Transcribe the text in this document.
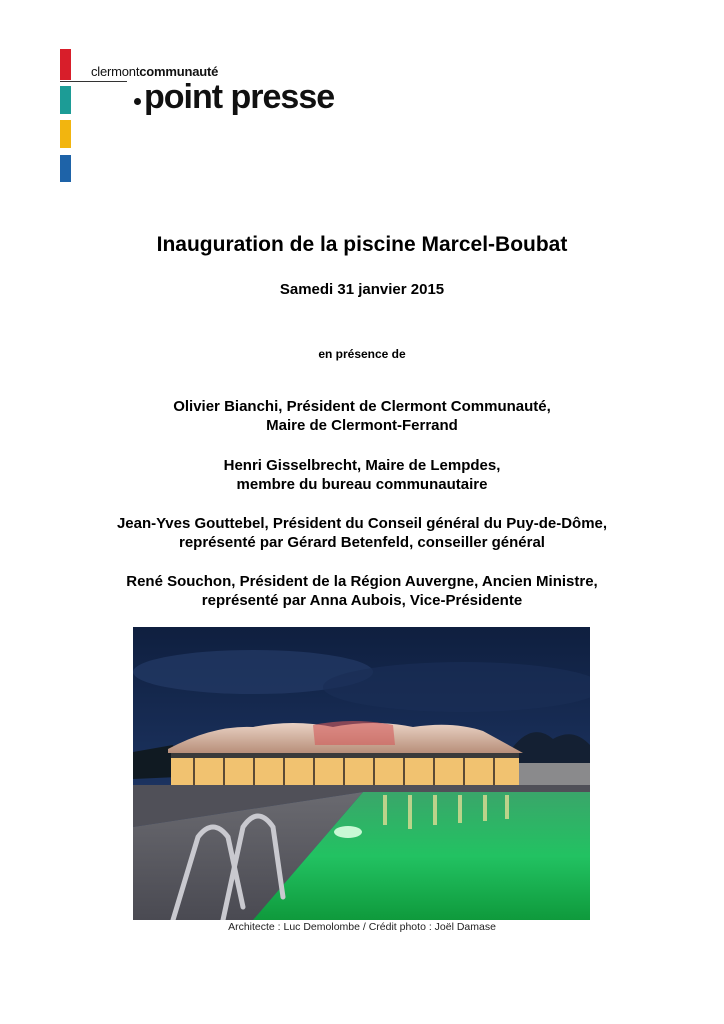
clermontcommunauté
point presse
Inauguration de la piscine Marcel-Boubat
Samedi 31 janvier 2015
en présence de
Olivier Bianchi, Président de Clermont Communauté,
Maire de Clermont-Ferrand
Henri Gisselbrecht, Maire de Lempdes,
membre du bureau communautaire
Jean-Yves Gouttebel, Président du Conseil général du Puy-de-Dôme,
représenté par Gérard Betenfeld, conseiller général
René Souchon, Président de la Région Auvergne, Ancien Ministre,
représenté par Anna Aubois, Vice-Présidente
Architecte : Luc Demolombe / Crédit photo : Joël Damase
